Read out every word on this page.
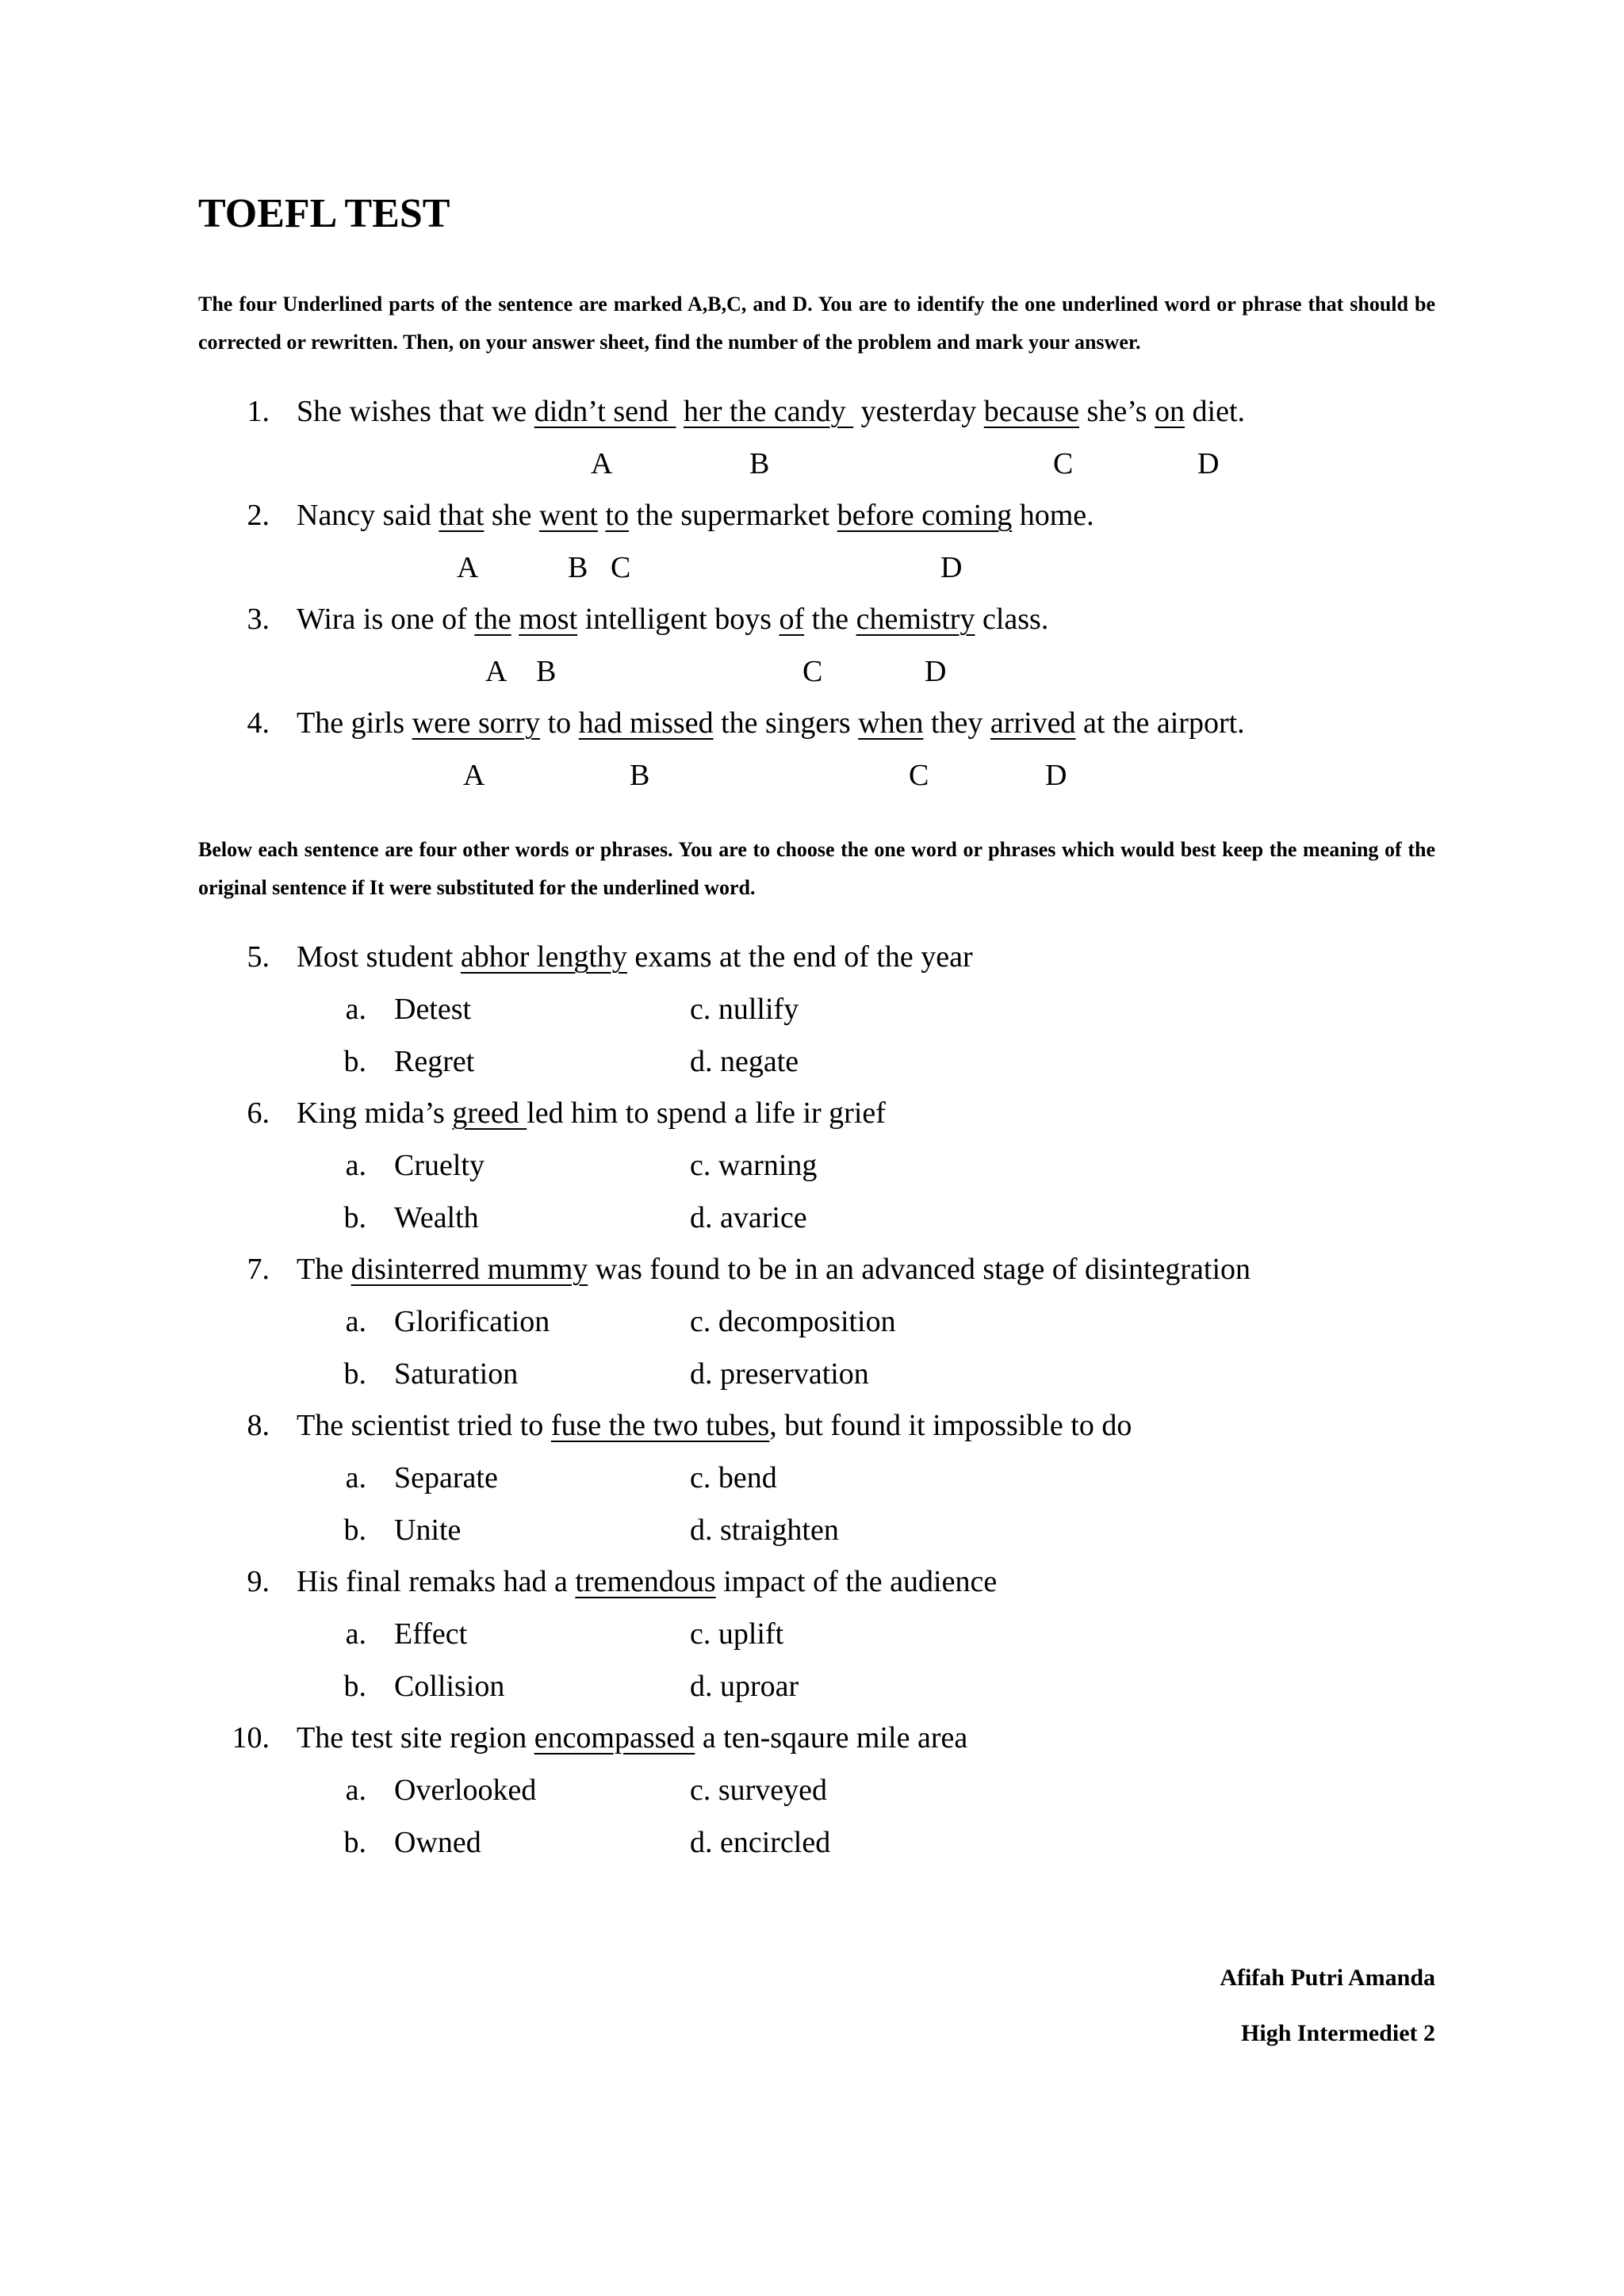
TOEFL TEST
The four Underlined parts of the sentence are marked A,B,C, and D. You are to identify the one underlined word or phrase that should be corrected or rewritten. Then, on your answer sheet, find the number of the problem and mark your answer.
1. She wishes that we didn’t send  her the candy  yesterday because she’s on diet.
A	B	C	D
2. Nancy said that she went to the supermarket before coming home.
A	B C	D
3. Wira is one of the most intelligent boys of the chemistry class.
A B	C	D
4. The girls were sorry to had missed the singers when they arrived at the airport.
A	B	C	D
Below each sentence are four other words or phrases. You are to choose the one word or phrases which would best keep the meaning of the original sentence if It were substituted for the underlined word.
5. Most student abhor lengthy exams at the end of the year
a. Detest	c. nullify
b. Regret	d. negate
6. King mida’s greed led him to spend a life ir grief
a. Cruelty	c. warning
b. Wealth	d. avarice
7. The disinterred mummy was found to be in an advanced stage of disintegration
a. Glorification	c. decomposition
b. Saturation	d. preservation
8. The scientist tried to fuse the two tubes, but found it impossible to do
a. Separate	c. bend
b. Unite	d. straighten
9. His final remaks had a tremendous impact of the audience
a. Effect	c. uplift
b. Collision	d. uproar
10. The test site region encompassed a ten-sqaure mile area
a. Overlooked	c. surveyed
b. Owned	d. encircled
Afifah Putri Amanda
High Intermediet 2
